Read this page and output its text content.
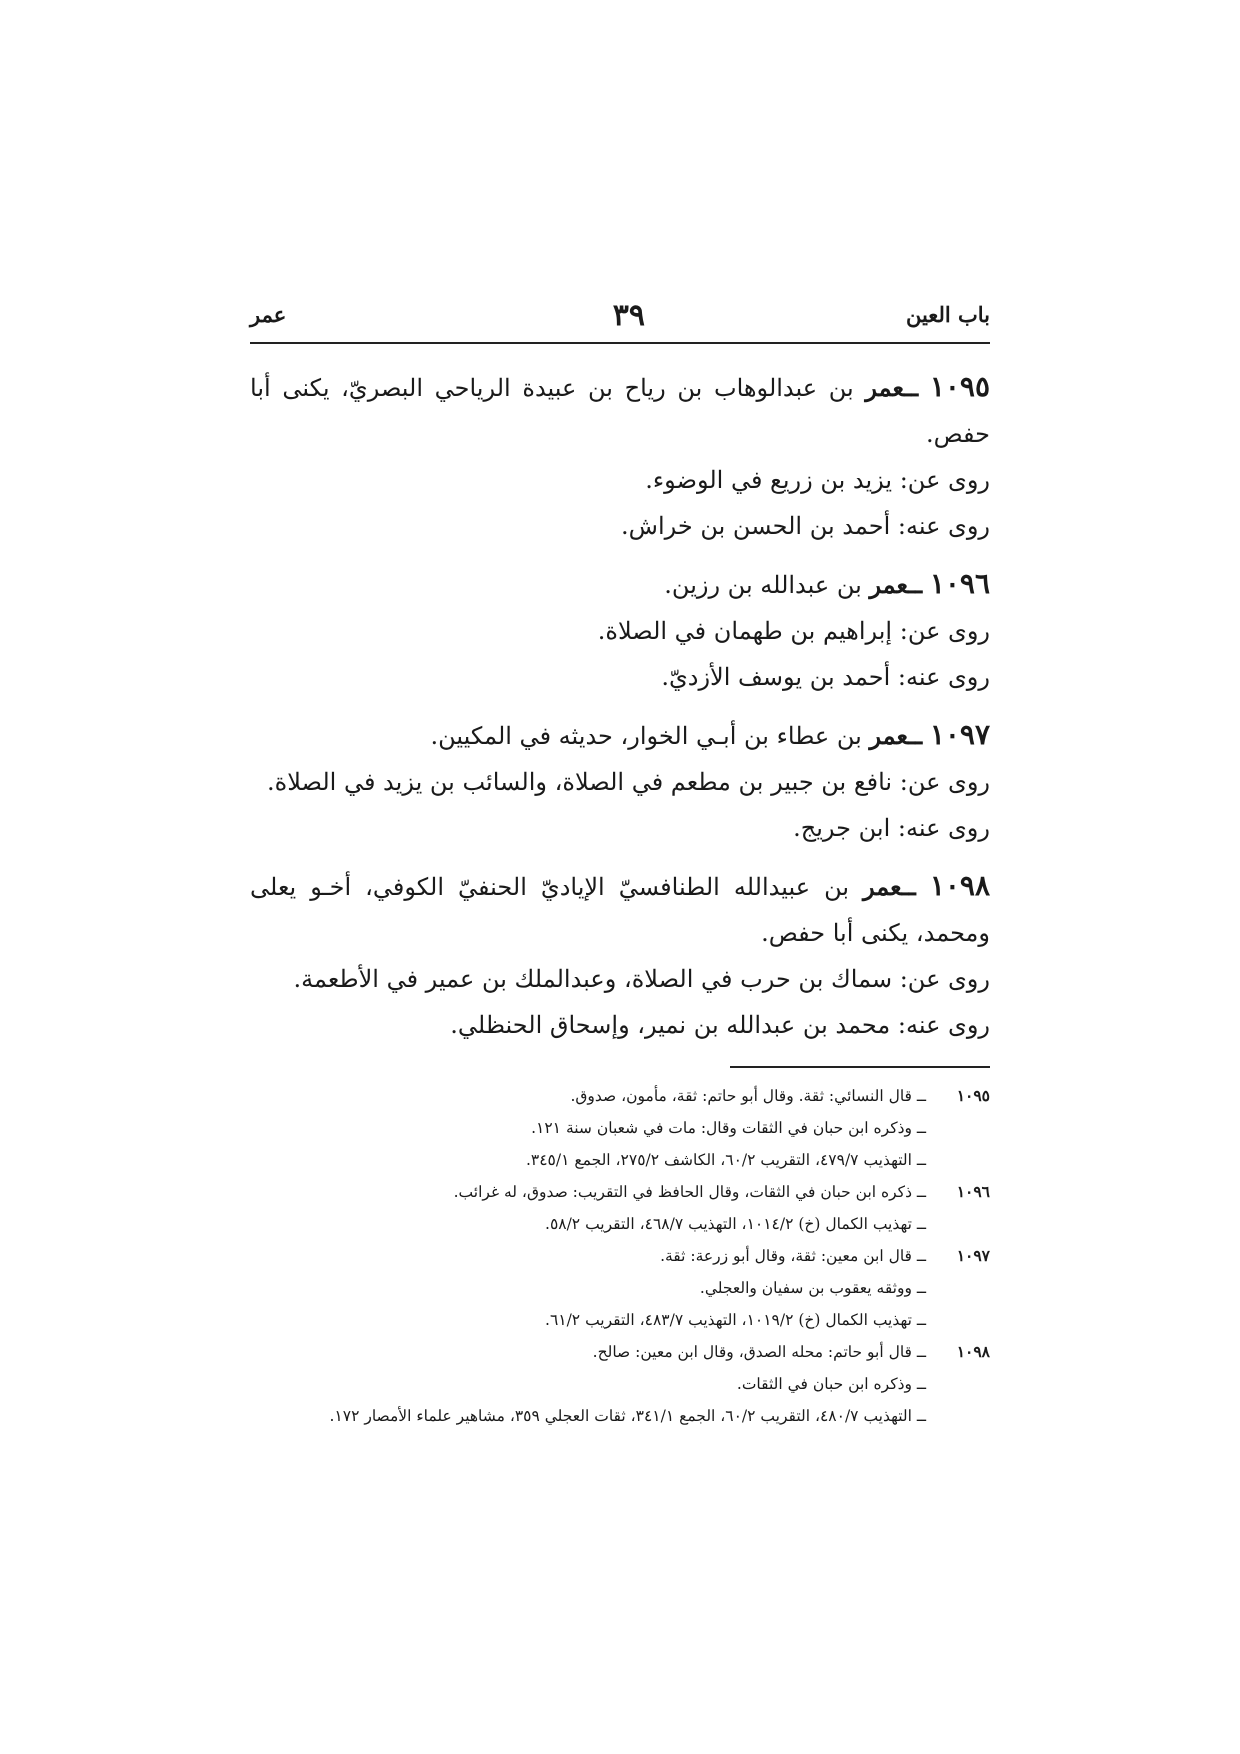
باب العين
٣٩
عمر
١٠٩٥ ــعمر بن عبدالوهاب بن رياح بن عبيدة الرياحي البصريّ، يكنى أبا حفص.
روى عن: يزيد بن زريع في الوضوء.
روى عنه: أحمد بن الحسن بن خراش.
١٠٩٦ ــعمر بن عبدالله بن رزين.
روى عن: إبراهيم بن طهمان في الصلاة.
روى عنه: أحمد بن يوسف الأزديّ.
١٠٩٧ ــعمر بن عطاء بن أبـي الخوار، حديثه في المكيين.
روى عن: نافع بن جبير بن مطعم في الصلاة، والسائب بن يزيد في الصلاة.
روى عنه: ابن جريج.
١٠٩٨ ــعمر بن عبيدالله الطنافسيّ الإياديّ الحنفيّ الكوفي، أخـو يعلى ومحمد، يكنى أبا حفص.
روى عن: سماك بن حرب في الصلاة، وعبدالملك بن عمير في الأطعمة.
روى عنه: محمد بن عبدالله بن نمير، وإسحاق الحنظلي.
١٠٩٥ــ قال النسائي: ثقة. وقال أبو حاتم: ثقة، مأمون، صدوق.
ــ وذكره ابن حبان في الثقات وقال: مات في شعبان سنة ١٢١.
ــ التهذيب ٤٧٩/٧، التقريب ٦٠/٢، الكاشف ٢٧٥/٢، الجمع ٣٤٥/١.
١٠٩٦ــ ذكره ابن حبان في الثقات، وقال الحافظ في التقريب: صدوق، له غرائب.
ــ تهذيب الكمال (خ) ١٠١٤/٢، التهذيب ٤٦٨/٧، التقريب ٥٨/٢.
١٠٩٧ــ قال ابن معين: ثقة، وقال أبو زرعة: ثقة.
ــ ووثقه يعقوب بن سفيان والعجلي.
ــ تهذيب الكمال (خ) ١٠١٩/٢، التهذيب ٤٨٣/٧، التقريب ٦١/٢.
١٠٩٨ــ قال أبو حاتم: محله الصدق، وقال ابن معين: صالح.
ــ وذكره ابن حبان في الثقات.
ــ التهذيب ٤٨٠/٧، التقريب ٦٠/٢، الجمع ٣٤١/١، ثقات العجلي ٣٥٩، مشاهير علماء الأمصار ١٧٢.
